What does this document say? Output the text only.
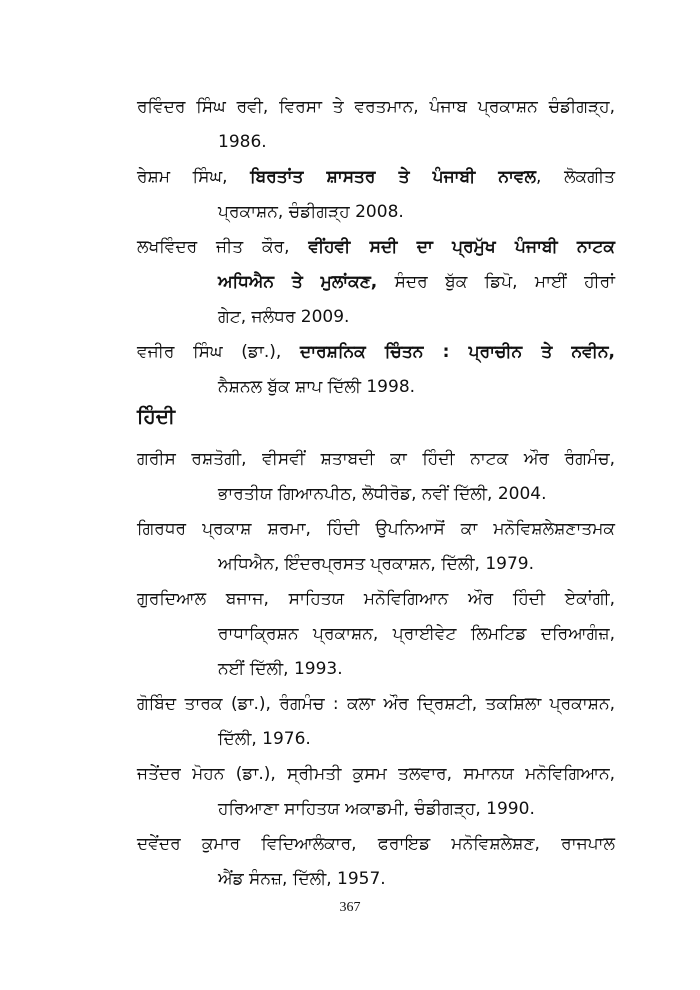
ਰਵਿੰਦਰ ਸਿੰਘ ਰਵੀ, ਵਿਰਸਾ ਤੇ ਵਰਤਮਾਨ, ਪੰਜਾਬ ਪ੍ਰਕਾਸ਼ਨ ਚੰਡੀਗੜ੍ਹ,
1986.
ਰੇਸ਼ਮ ਸਿੰਘ, ਬਿਰਤਾਂਤ ਸ਼ਾਸਤਰ ਤੇ ਪੰਜਾਬੀ ਨਾਵਲ, ਲੋਕਗੀਤ
ਪ੍ਰਕਾਸ਼ਨ, ਚੰਡੀਗੜ੍ਹ 2008.
ਲਖਵਿੰਦਰ ਜੀਤ ਕੌਰ, ਵੀਂਹਵੀ ਸਦੀ ਦਾ ਪ੍ਰਮੁੱਖ ਪੰਜਾਬੀ ਨਾਟਕ
ਅਧਿਐਨ ਤੇ ਮੁਲਾਂਕਣ, ਸੰਦਰ ਬੁੱਕ ਡਿਪੋ, ਮਾਈਂ ਹੀਰਾਂ
ਗੇਟ, ਜਲੰਧਰ 2009.
ਵਜੀਰ ਸਿੰਘ (ਡਾ.), ਦਾਰਸ਼ਨਿਕ ਚਿੰਤਨ : ਪ੍ਰਾਚੀਨ ਤੇ ਨਵੀਨ,
ਨੈਸ਼ਨਲ ਬੁੱਕ ਸ਼ਾਪ ਦਿੱਲੀ 1998.
ਹਿੰਦੀ
ਗਰੀਸ ਰਸ਼ਤੋਗੀ, ਵੀਸਵੀਂ ਸ਼ਤਾਬਦੀ ਕਾ ਹਿੰਦੀ ਨਾਟਕ ਔਰ ਰੰਗਮੰਚ,
ਭਾਰਤੀਯ ਗਿਆਨਪੀਠ, ਲੋਧੀਰੋਡ, ਨਵੀਂ ਦਿੱਲੀ, 2004.
ਗਿਰਧਰ ਪ੍ਰਕਾਸ਼ ਸ਼ਰਮਾ, ਹਿੰਦੀ ਉਪਨਿਆਸੋਂ ਕਾ ਮਨੋਵਿਸ਼ਲੇਸ਼ਣਾਤਮਕ
ਅਧਿਐਨ, ਇੰਦਰਪ੍ਰਸਤ ਪ੍ਰਕਾਸ਼ਨ, ਦਿੱਲੀ, 1979.
ਗੁਰਦਿਆਲ ਬਜਾਜ, ਸਾਹਿਤਯ ਮਨੋਵਿਗਿਆਨ ਔਰ ਹਿੰਦੀ ਏਕਾਂਗੀ,
ਰਾਧਾਕ੍ਰਿਸ਼ਨ ਪ੍ਰਕਾਸ਼ਨ, ਪ੍ਰਾਈਵੇਟ ਲਿਮਟਿਡ ਦਰਿਆਗੰਜ਼,
ਨਈਂ ਦਿੱਲੀ, 1993.
ਗੋਬਿੰਦ ਤਾਰਕ (ਡਾ.), ਰੰਗਮੰਚ : ਕਲਾ ਔਰ ਦ੍ਰਿਸ਼ਟੀ, ਤਕਸ਼ਿਲਾ ਪ੍ਰਕਾਸ਼ਨ,
ਦਿੱਲੀ, 1976.
ਜਤੇਂਦਰ ਮੋਹਨ (ਡਾ.), ਸ੍ਰੀਮਤੀ ਕੁਸਮ ਤਲਵਾਰ, ਸਮਾਨਯ ਮਨੋਵਿਗਿਆਨ,
ਹਰਿਆਣਾ ਸਾਹਿਤਯ ਅਕਾਡਮੀ, ਚੰਡੀਗੜ੍ਹ, 1990.
ਦਵੇਂਦਰ ਕੁਮਾਰ ਵਿਦਿਆਲੰਕਾਰ, ਫਰਾਇਡ ਮਨੋਵਿਸ਼ਲੇਸ਼ਣ, ਰਾਜਪਾਲ
ਐਂਡ ਸੰਨਜ਼, ਦਿੱਲੀ, 1957.
367
